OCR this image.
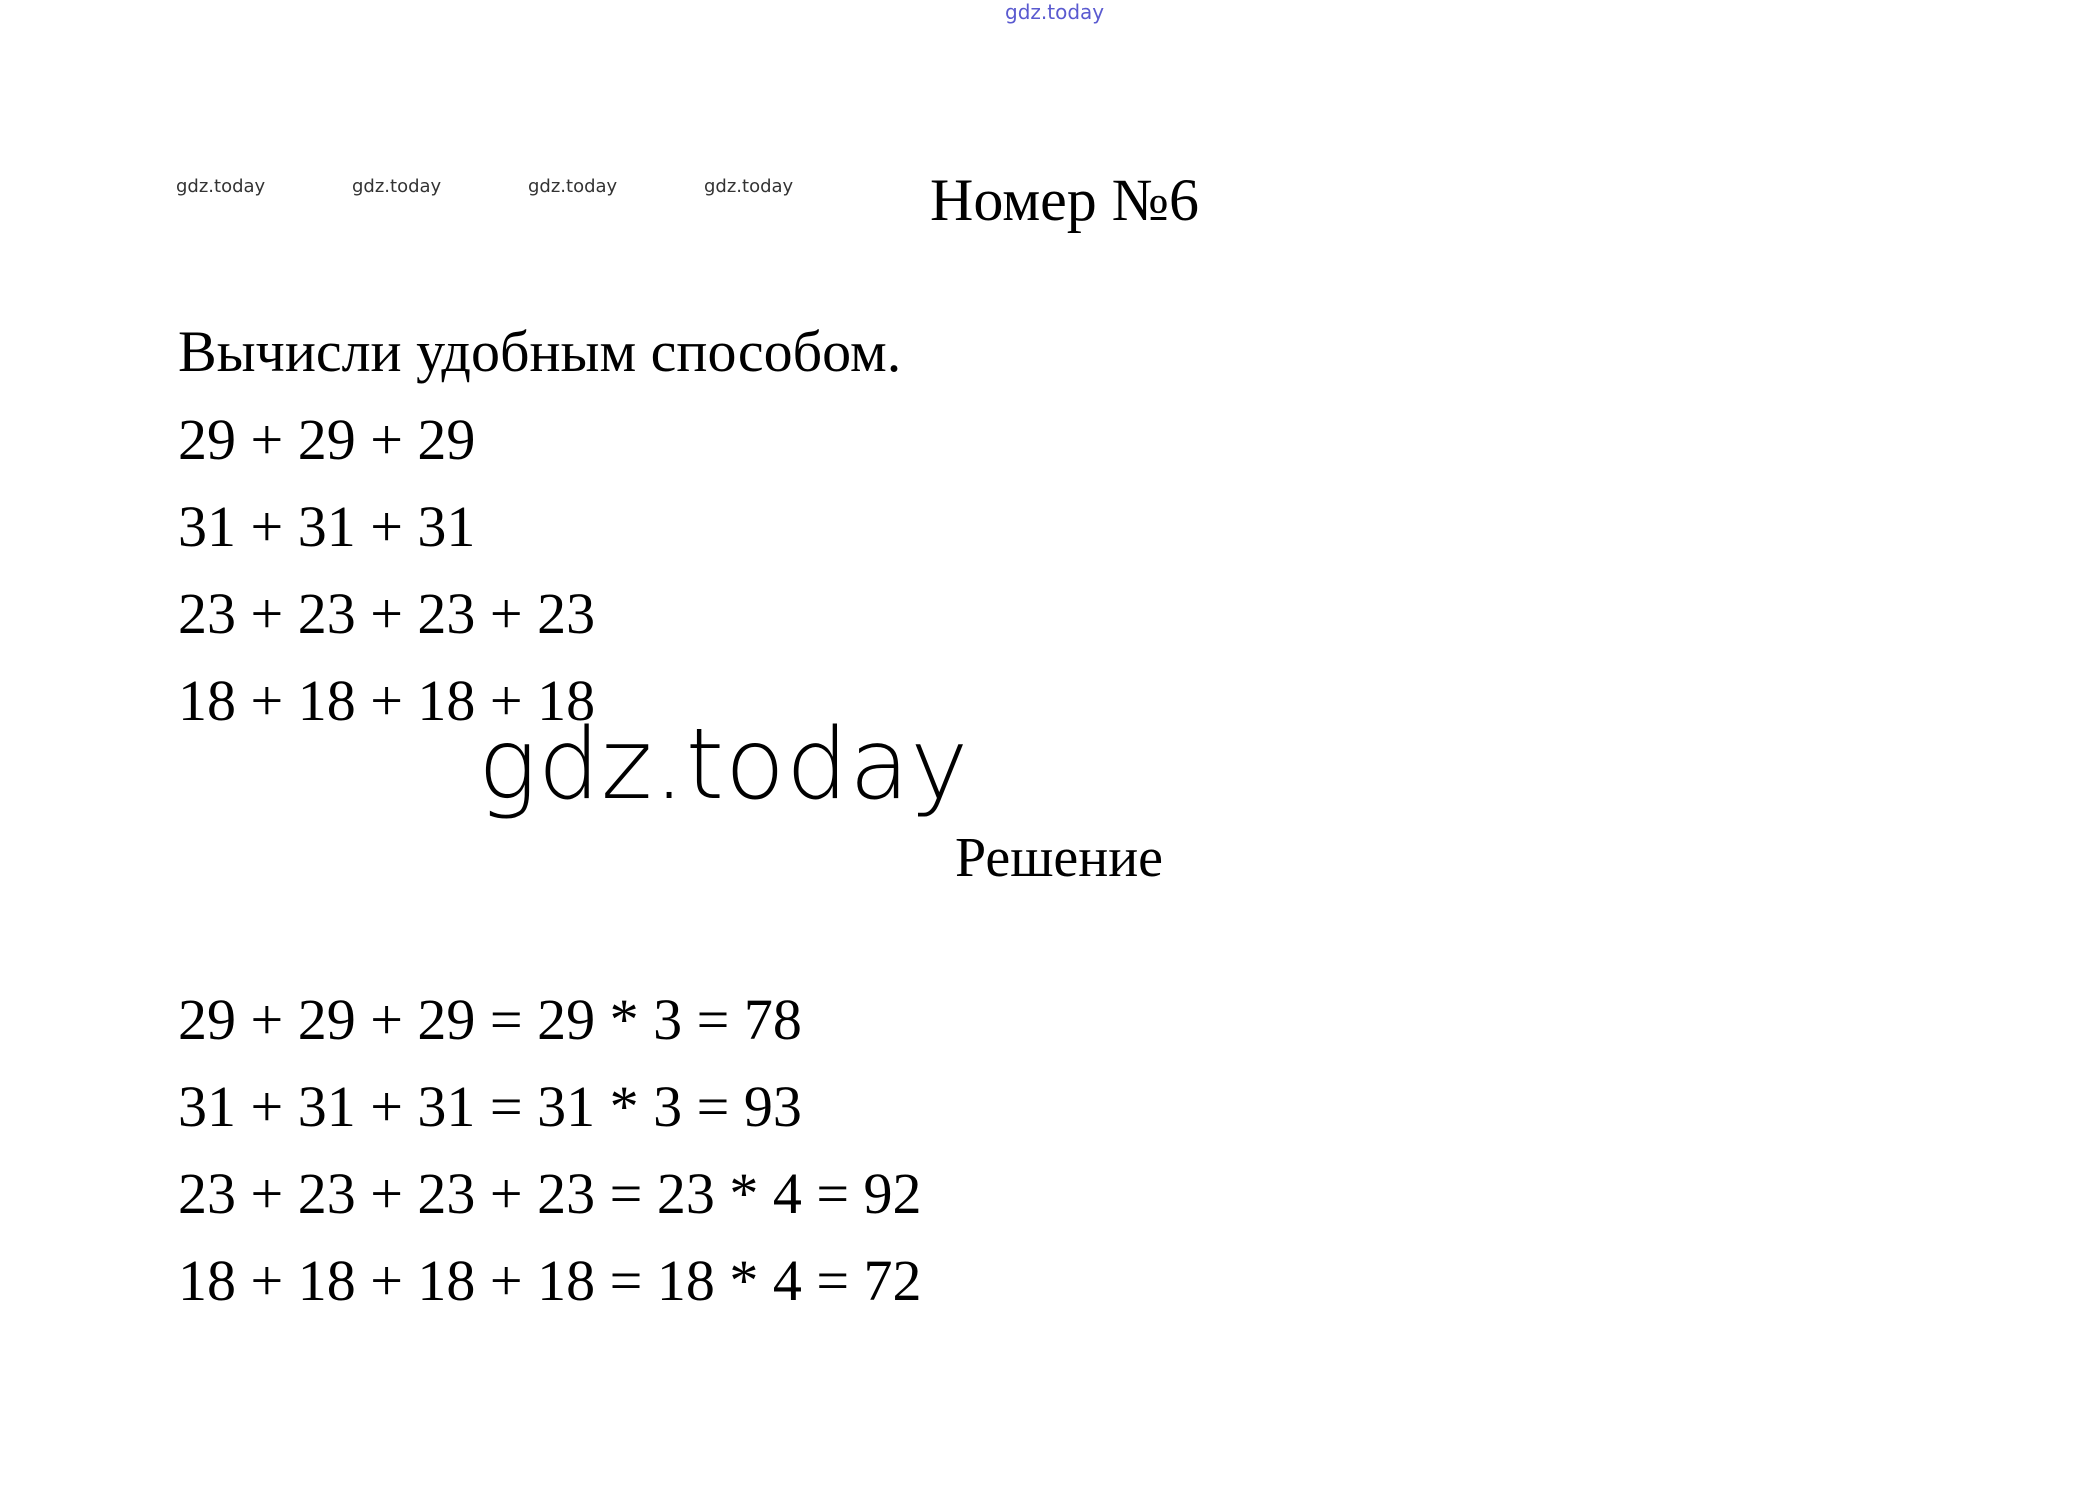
gdz.today
gdz.today	gdz.today	gdz.today	gdz.today Номер №6
Вычисли удобным способом.
29 + 29 + 29
31 + 31 + 31
23 + 23 + 23 + 23
18 + 18 + 18 + 18
gdz.today
Решение
29 + 29 + 29 = 29 * 3 = 78
31 + 31 + 31 = 31 * 3 = 93
23 + 23 + 23 + 23 = 23 * 4 = 92
18 + 18 + 18 + 18 = 18 * 4 = 72
